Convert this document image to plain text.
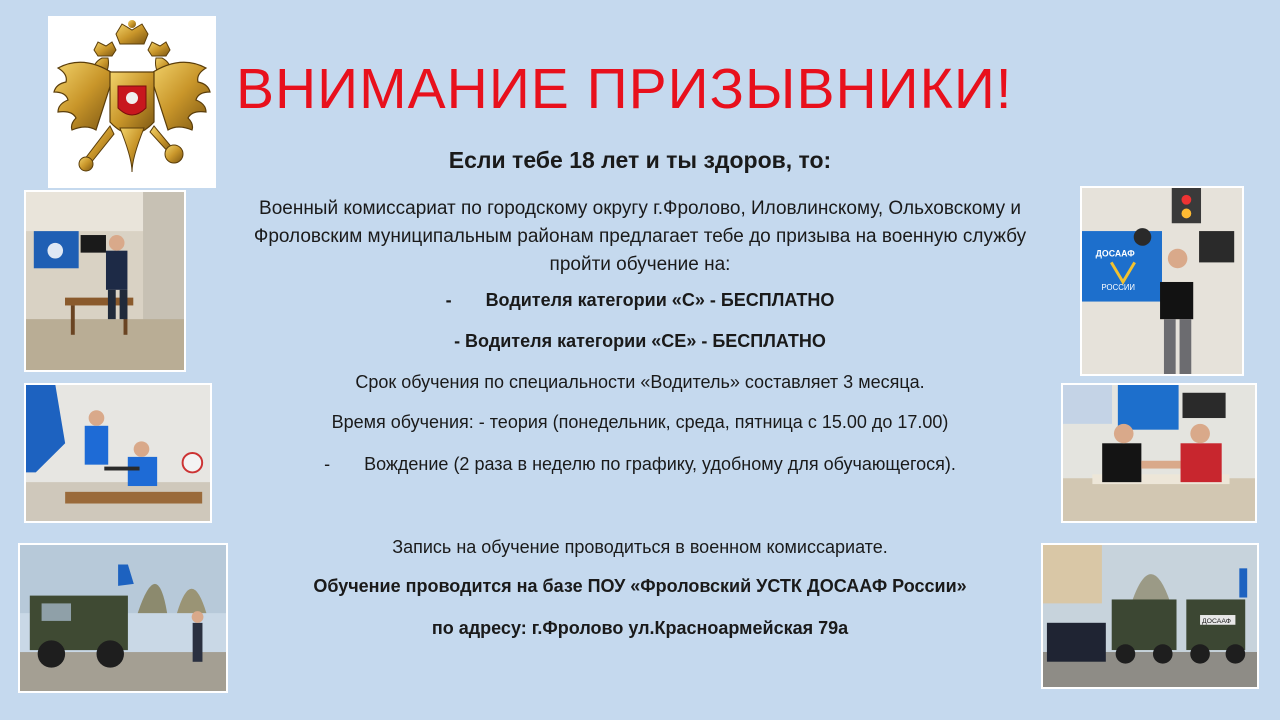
ВНИМАНИЕ ПРИЗЫВНИКИ!
Если тебе 18 лет и ты здоров, то:
Военный комиссариат по городскому округу г.Фролово, Иловлинскому, Ольховскому и Фроловским муниципальным районам предлагает тебе до призыва на военную службу пройти обучение на:
- Водителя категории «С» - БЕСПЛАТНО
- Водителя категории «СЕ» - БЕСПЛАТНО
Срок обучения по специальности «Водитель» составляет 3 месяца.
Время обучения: - теория (понедельник, среда, пятница с 15.00 до 17.00)
- Вождение (2 раза в неделю по графику, удобному для обучающегося).
Запись на обучение проводиться в военном комиссариате.
Обучение проводится на базе ПОУ «Фроловский УСТК ДОСААФ России»
по адресу: г.Фролово ул.Красноармейская 79а
ДОСААФ
РОССИИ
ДОСААФ
